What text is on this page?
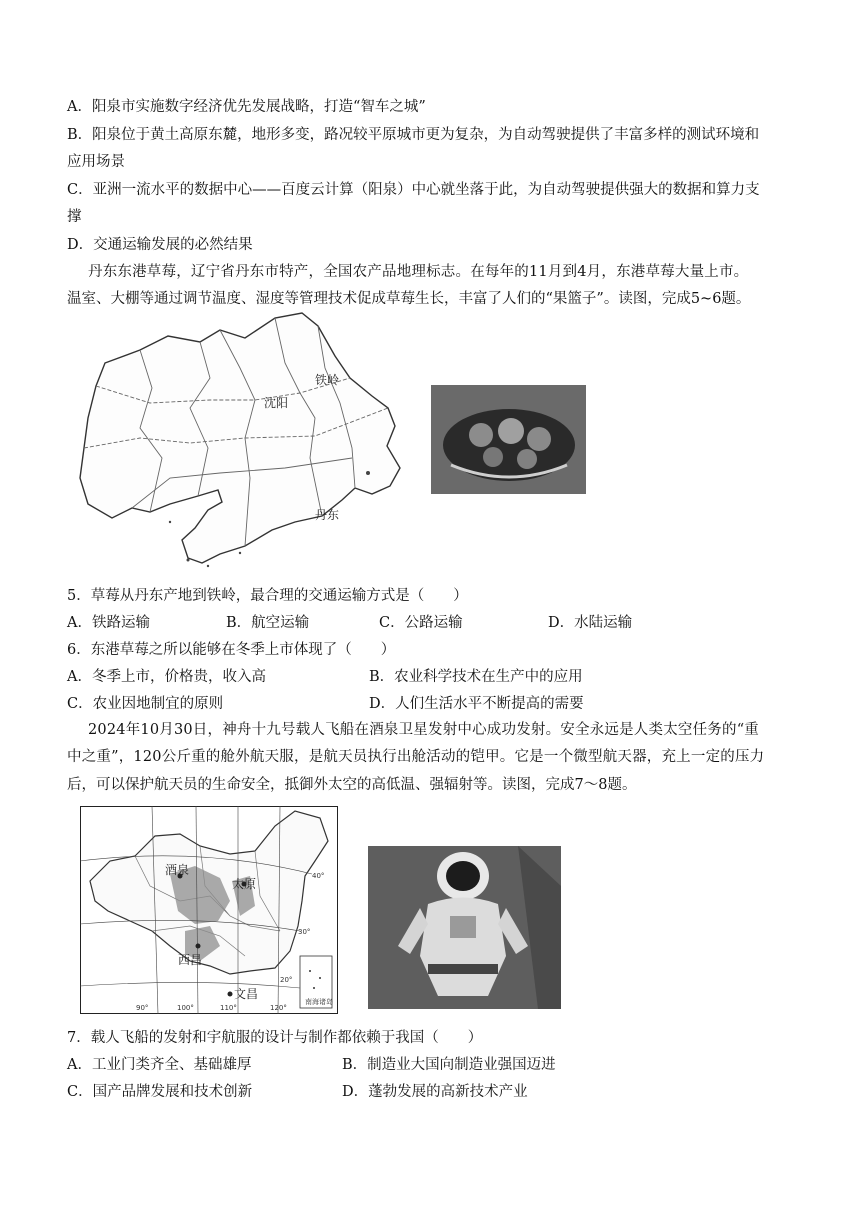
A．阳泉市实施数字经济优先发展战略，打造“智车之城”
B．阳泉位于黄土高原东麓，地形多变，路况较平原城市更为复杂，为自动驾驶提供了丰富多样的测试环境和
应用场景
C．亚洲一流水平的数据中心——百度云计算（阳泉）中心就坐落于此，为自动驾驶提供强大的数据和算力支
撑
D．交通运输发展的必然结果
丹东东港草莓，辽宁省丹东市特产，全国农产品地理标志。在每年的11月到4月，东港草莓大量上市。
温室、大棚等通过调节温度、湿度等管理技术促成草莓生长，丰富了人们的“果篮子”。读图，完成5~6题。
铁岭
沈阳
丹东
5．草莓从丹东产地到铁岭，最合理的交通运输方式是（　　）
A．铁路运输	B．航空运输	C．公路运输	D．水陆运输
6．东港草莓之所以能够在冬季上市体现了（　　）
A．冬季上市，价格贵，收入高	B．农业科学技术在生产中的应用
C．农业因地制宜的原则	D．人们生活水平不断提高的需要
2024年10月30日，神舟十九号载人飞船在酒泉卫星发射中心成功发射。安全永远是人类太空任务的“重
中之重”，120公斤重的舱外航天服，是航天员执行出舱活动的铠甲。它是一个微型航天器，充上一定的压力
后，可以保护航天员的生命安全，抵御外太空的高低温、强辐射等。读图，完成7～8题。
南海诸岛
酒泉
太原
西昌
文昌
40°
30°
20°
90°	100°	110°	120°
7．载人飞船的发射和宇航服的设计与制作都依赖于我国（　　）
A．工业门类齐全、基础雄厚	B．制造业大国向制造业强国迈进
C．国产品牌发展和技术创新	D．蓬勃发展的高新技术产业
